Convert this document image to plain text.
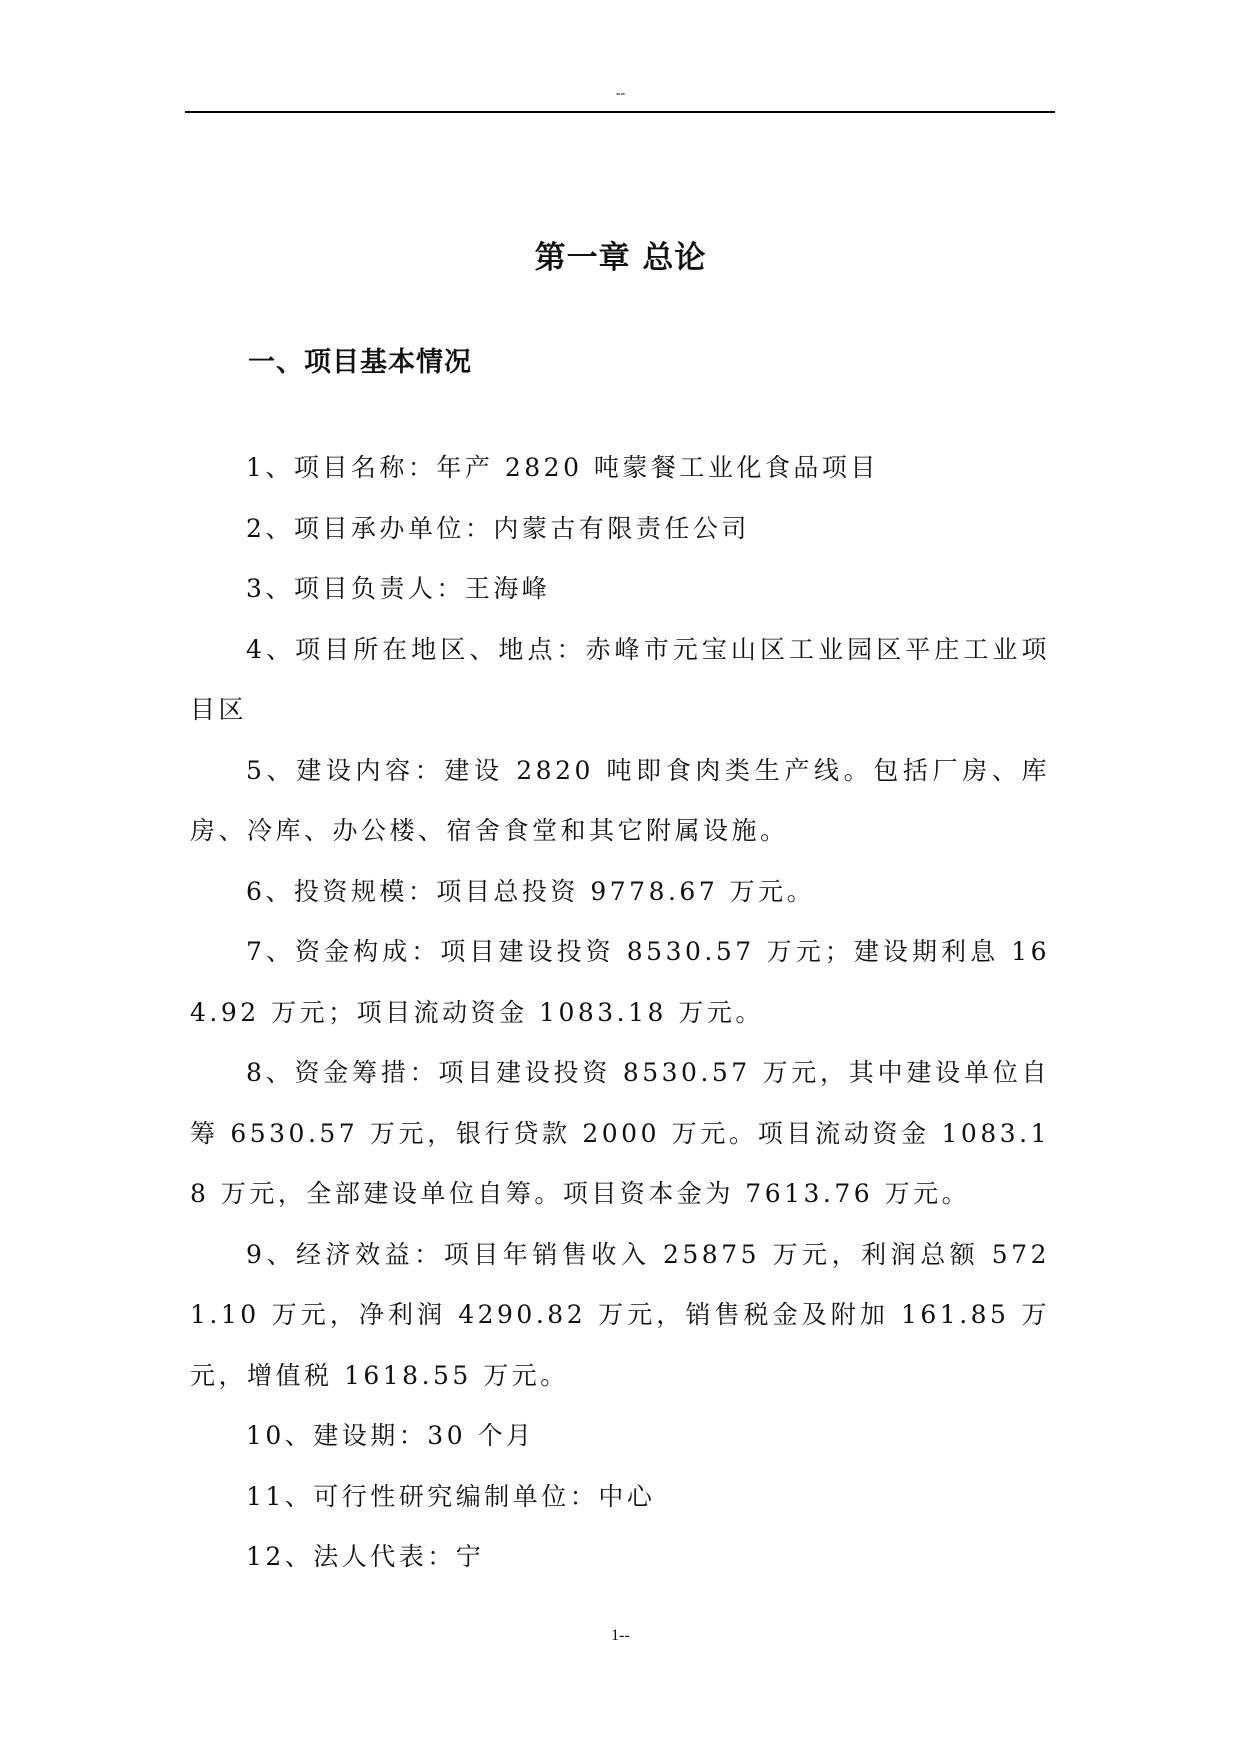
--
第一章 总论
一、项目基本情况

1、项目名称：年产 2820 吨蒙餐工业化食品项目

2、项目承办单位：内蒙古有限责任公司

3、项目负责人：王海峰

4、项目所在地区、地点：赤峰市元宝山区工业园区平庄工业项目区

5、建设内容：建设 2820 吨即食肉类生产线。包括厂房、库房、冷库、办公楼、宿舍食堂和其它附属设施。

6、投资规模：项目总投资 9778.67 万元。

7、资金构成：项目建设投资 8530.57 万元；建设期利息 164.92 万元；项目流动资金 1083.18 万元。

8、资金筹措：项目建设投资 8530.57 万元，其中建设单位自筹 6530.57 万元，银行贷款 2000 万元。项目流动资金 1083.18 万元，全部建设单位自筹。项目资本金为 7613.76 万元。

9、经济效益：项目年销售收入 25875 万元，利润总额 5721.10 万元，净利润 4290.82 万元，销售税金及附加 161.85 万元，增值税 1618.55 万元。

10、建设期：30 个月

11、可行性研究编制单位：中心

12、法人代表：宁

1--
